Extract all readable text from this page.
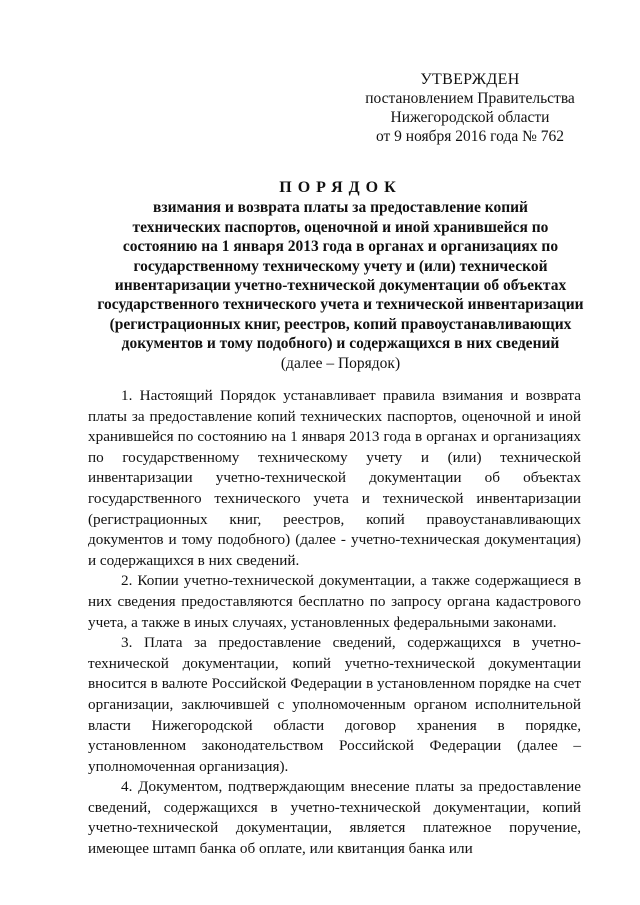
УТВЕРЖДЕН
постановлением Правительства
Нижегородской области
от 9 ноября 2016 года № 762
ПОРЯДОК
взимания и возврата платы за предоставление копий
технических паспортов, оценочной и иной хранившейся по
состоянию на 1 января 2013 года в органах и организациях по
государственному техническому учету и (или) технической
инвентаризации учетно-технической документации об объектах
государственного технического учета и технической инвентаризации
(регистрационных книг, реестров, копий правоустанавливающих
документов и тому подобного) и содержащихся в них сведений
(далее – Порядок)

1. Настоящий Порядок устанавливает правила взимания и возврата платы за предоставление копий технических паспортов, оценочной и иной хранившейся по состоянию на 1 января 2013 года в органах и организациях по государственному техническому учету и (или) технической инвентаризации учетно-технической документации об объектах государственного технического учета и технической инвентаризации (регистрационных книг, реестров, копий правоустанавливающих документов и тому подобного) (далее - учетно-техническая документация) и содержащихся в них сведений.

2. Копии учетно-технической документации, а также содержащиеся в них сведения предоставляются бесплатно по запросу органа кадастрового учета, а также в иных случаях, установленных федеральными законами.

3. Плата за предоставление сведений, содержащихся в учетно-технической документации, копий учетно-технической документации вносится в валюте Российской Федерации в установленном порядке на счет организации, заключившей с уполномоченным органом исполнительной власти Нижегородской области договор хранения в порядке, установленном законодательством Российской Федерации (далее – уполномоченная организация).

4. Документом, подтверждающим внесение платы за предоставление сведений, содержащихся в учетно-технической документации, копий учетно-технической документации, является платежное поручение, имеющее штамп банка об оплате, или квитанция банка или
